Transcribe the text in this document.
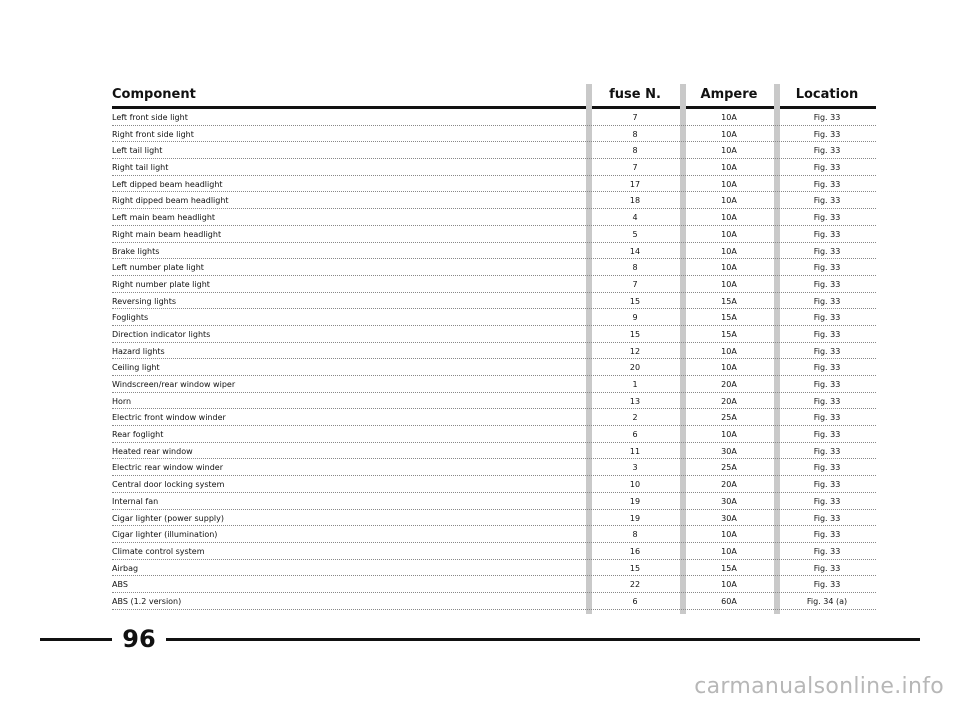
Component	fuse N.	Ampere	Location
Left front side light	7	10A	Fig. 33
Right front side light	8	10A	Fig. 33
Left tail light	8	10A	Fig. 33
Right tail light	7	10A	Fig. 33
Left dipped beam headlight	17	10A	Fig. 33
Right dipped beam headlight	18	10A	Fig. 33
Left main beam headlight	4	10A	Fig. 33
Right main beam headlight	5	10A	Fig. 33
Brake lights	14	10A	Fig. 33
Left number plate light	8	10A	Fig. 33
Right number plate light	7	10A	Fig. 33
Reversing lights	15	15A	Fig. 33
Foglights	9	15A	Fig. 33
Direction indicator lights	15	15A	Fig. 33
Hazard lights	12	10A	Fig. 33
Ceiling light	20	10A	Fig. 33
Windscreen/rear window wiper	1	20A	Fig. 33
Horn	13	20A	Fig. 33
Electric front window winder	2	25A	Fig. 33
Rear foglight	6	10A	Fig. 33
Heated rear window	11	30A	Fig. 33
Electric rear window winder	3	25A	Fig. 33
Central door locking system	10	20A	Fig. 33
Internal fan	19	30A	Fig. 33
Cigar lighter (power supply)	19	30A	Fig. 33
Cigar lighter (illumination)	8	10A	Fig. 33
Climate control system	16	10A	Fig. 33
Airbag	15	15A	Fig. 33
ABS	22	10A	Fig. 33
ABS (1.2 version)	6	60A	Fig. 34 (a)
96
carmanualsonline.info
